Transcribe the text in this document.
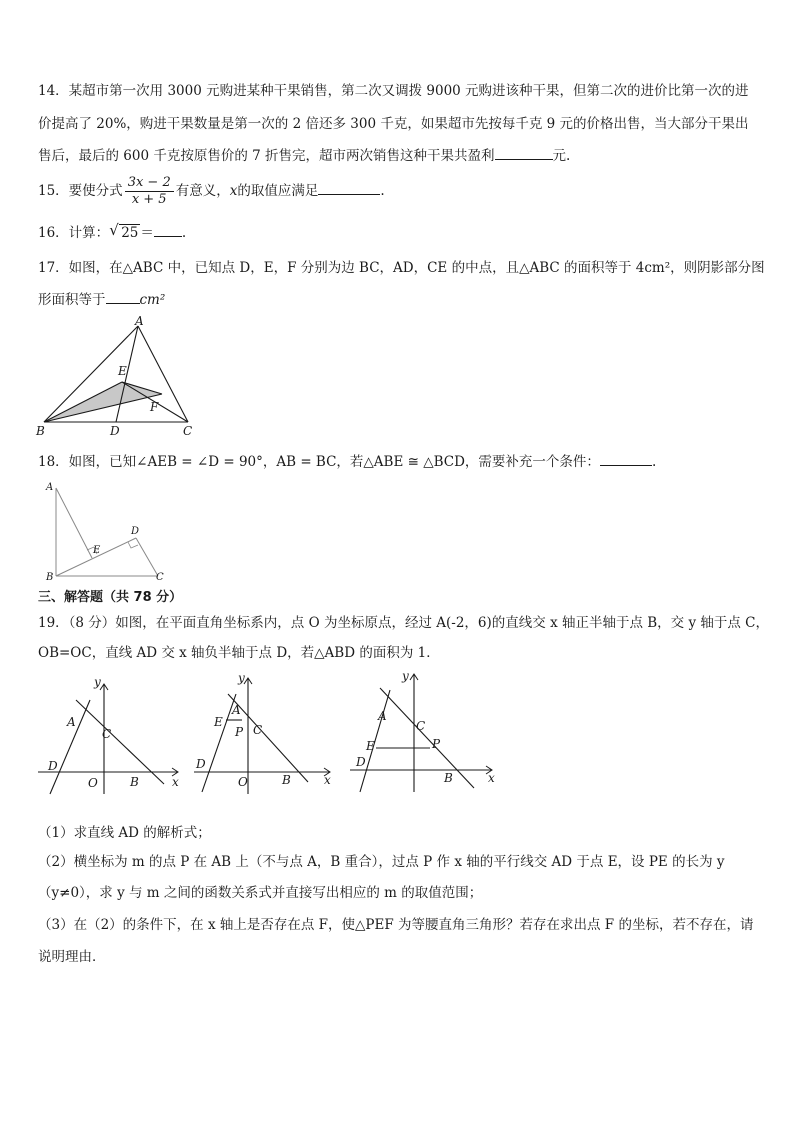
14．某超市第一次用 3000 元购进某种干果销售，第二次又调拨 9000 元购进该种干果，但第二次的进价比第一次的进
价提高了 20%，购进干果数量是第一次的 2 倍还多 300 千克，如果超市先按每千克 9 元的价格出售，当大部分干果出
售后，最后的 600 千克按原售价的 7 折售完，超市两次销售这种干果共盈利	元.
15．要使分式 $\frac{3x - 2}{x + 5}$ 有意义，x的取值应满足	.
16．计算： √ 25 ＝ .
17．如图，在△ABC 中，已知点 D，E，F 分别为边 BC，AD，CE 的中点，且△ABC 的面积等于 4cm²，则阴影部分图
形面积等于	cm²
A
E
F
B	D	C
18．如图，已知∠AEB = ∠D = 90°，AB = BC，若△ABE ≅ △BCD，需要补充一个条件：	.
A
E
D
B	C
三、解答题（共 78 分）
19．（8 分）如图，在平面直角坐标系内，点 O 为坐标原点，经过 A(-2，6)的直线交 x 轴正半轴于点 B，交 y 轴于点 C，
OB=OC，直线 AD 交 x 轴负半轴于点 D，若△ABD 的面积为 1．
y
A
C
D
O	B	x
y
A
E
P C
D
O	B	x
y
A
C
E	P
D
B	x
（1）求直线 AD 的解析式；
（2）横坐标为 m 的点 P 在 AB 上（不与点 A，B 重合），过点 P 作 x 轴的平行线交 AD 于点 E，设 PE 的长为 y
（y≠0），求 y 与 m 之间的函数关系式并直接写出相应的 m 的取值范围；
（3）在（2）的条件下，在 x 轴上是否存在点 F，使△PEF 为等腰直角三角形？若存在求出点 F 的坐标，若不存在，请
说明理由．
